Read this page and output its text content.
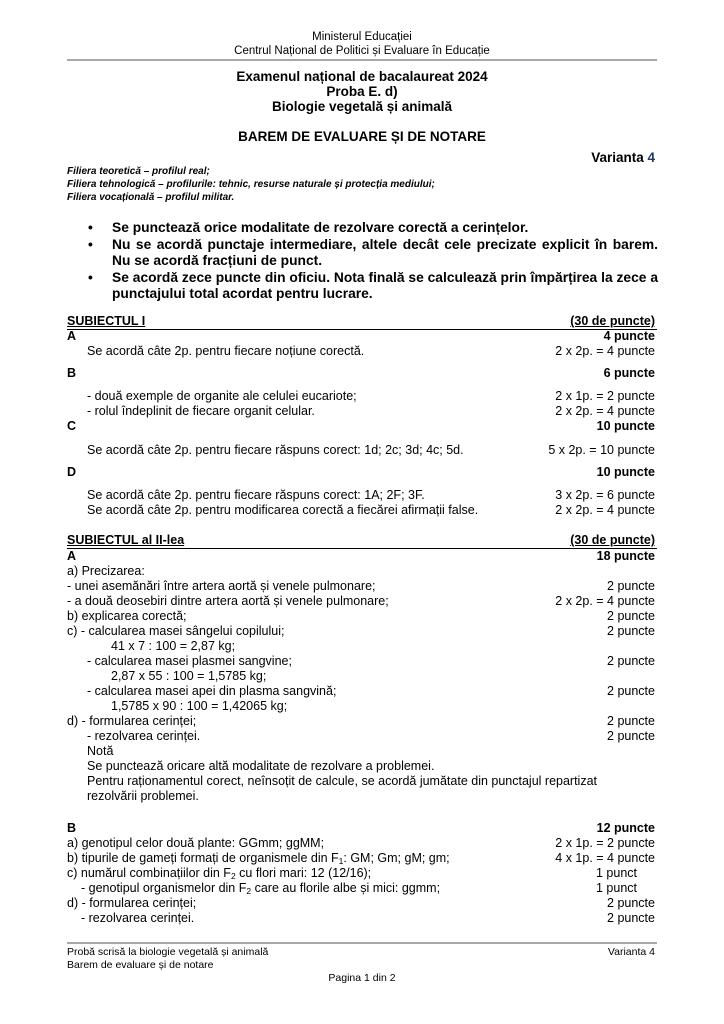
Ministerul Educației
Centrul Național de Politici și Evaluare în Educație
Examenul național de bacalaureat 2024
Proba E. d)
Biologie vegetală și animală
BAREM DE EVALUARE ȘI DE NOTARE
Varianta 4
Filiera teoretică – profilul real;
Filiera tehnologică – profilurile: tehnic, resurse naturale și protecția mediului;
Filiera vocațională – profilul militar.
• Se punctează orice modalitate de rezolvare corectă a cerințelor.
• Nu se acordă punctaje intermediare, altele decât cele precizate explicit în barem. Nu se acordă fracțiuni de punct.
• Se acordă zece puncte din oficiu. Nota finală se calculează prin împărțirea la zece a punctajului total acordat pentru lucrare.
SUBIECTUL I	(30 de puncte)
A	4 puncte
Se acordă câte 2p. pentru fiecare noțiune corectă.	2 x 2p. = 4 puncte
B	6 puncte
- două exemple de organite ale celulei eucariote;	2 x 1p. = 2 puncte
- rolul îndeplinit de fiecare organit celular.	2 x 2p. = 4 puncte
C	10 puncte
Se acordă câte 2p. pentru fiecare răspuns corect: 1d; 2c; 3d; 4c; 5d.	5 x 2p. = 10 puncte
D	10 puncte
Se acordă câte 2p. pentru fiecare răspuns corect: 1A; 2F; 3F.	3 x 2p. = 6 puncte
Se acordă câte 2p. pentru modificarea corectă a fiecărei afirmații false.	2 x 2p. = 4 puncte
SUBIECTUL al II-lea	(30 de puncte)
A	18 puncte
a) Precizarea:
- unei asemănări între artera aortă și venele pulmonare;	2 puncte
- a două deosebiri dintre artera aortă și venele pulmonare;	2 x 2p. = 4 puncte
b) explicarea corectă;	2 puncte
c) - calcularea masei sângelui copilului;	2 puncte
41 x 7 : 100 = 2,87 kg;
- calcularea masei plasmei sangvine;	2 puncte
2,87 x 55 : 100 = 1,5785 kg;
- calcularea masei apei din plasma sangvină;	2 puncte
1,5785 x 90 : 100 = 1,42065 kg;
d) - formularea cerinței;	2 puncte
- rezolvarea cerinței.	2 puncte
Notă
Se punctează oricare altă modalitate de rezolvare a problemei.
Pentru raționamentul corect, neînsoțit de calcule, se acordă jumătate din punctajul repartizat
rezolvării problemei.
B	12 puncte
a) genotipul celor două plante: GGmm; ggMM;	2 x 1p. = 2 puncte
b) tipurile de gameți formați de organismele din $F_1$: GM; Gm; gM; gm;	4 x 1p. = 4 puncte
c) numărul combinațiilor din $F_2$ cu flori mari: 12 (12/16);	1 punct
- genotipul organismelor din $F_2$ care au florile albe și mici: ggmm;	1 punct
d) - formularea cerinței;	2 puncte
- rezolvarea cerinței.	2 puncte
Probă scrisă la biologie vegetală și animală
Barem de evaluare și de notare
Varianta 4
Pagina 1 din 2
